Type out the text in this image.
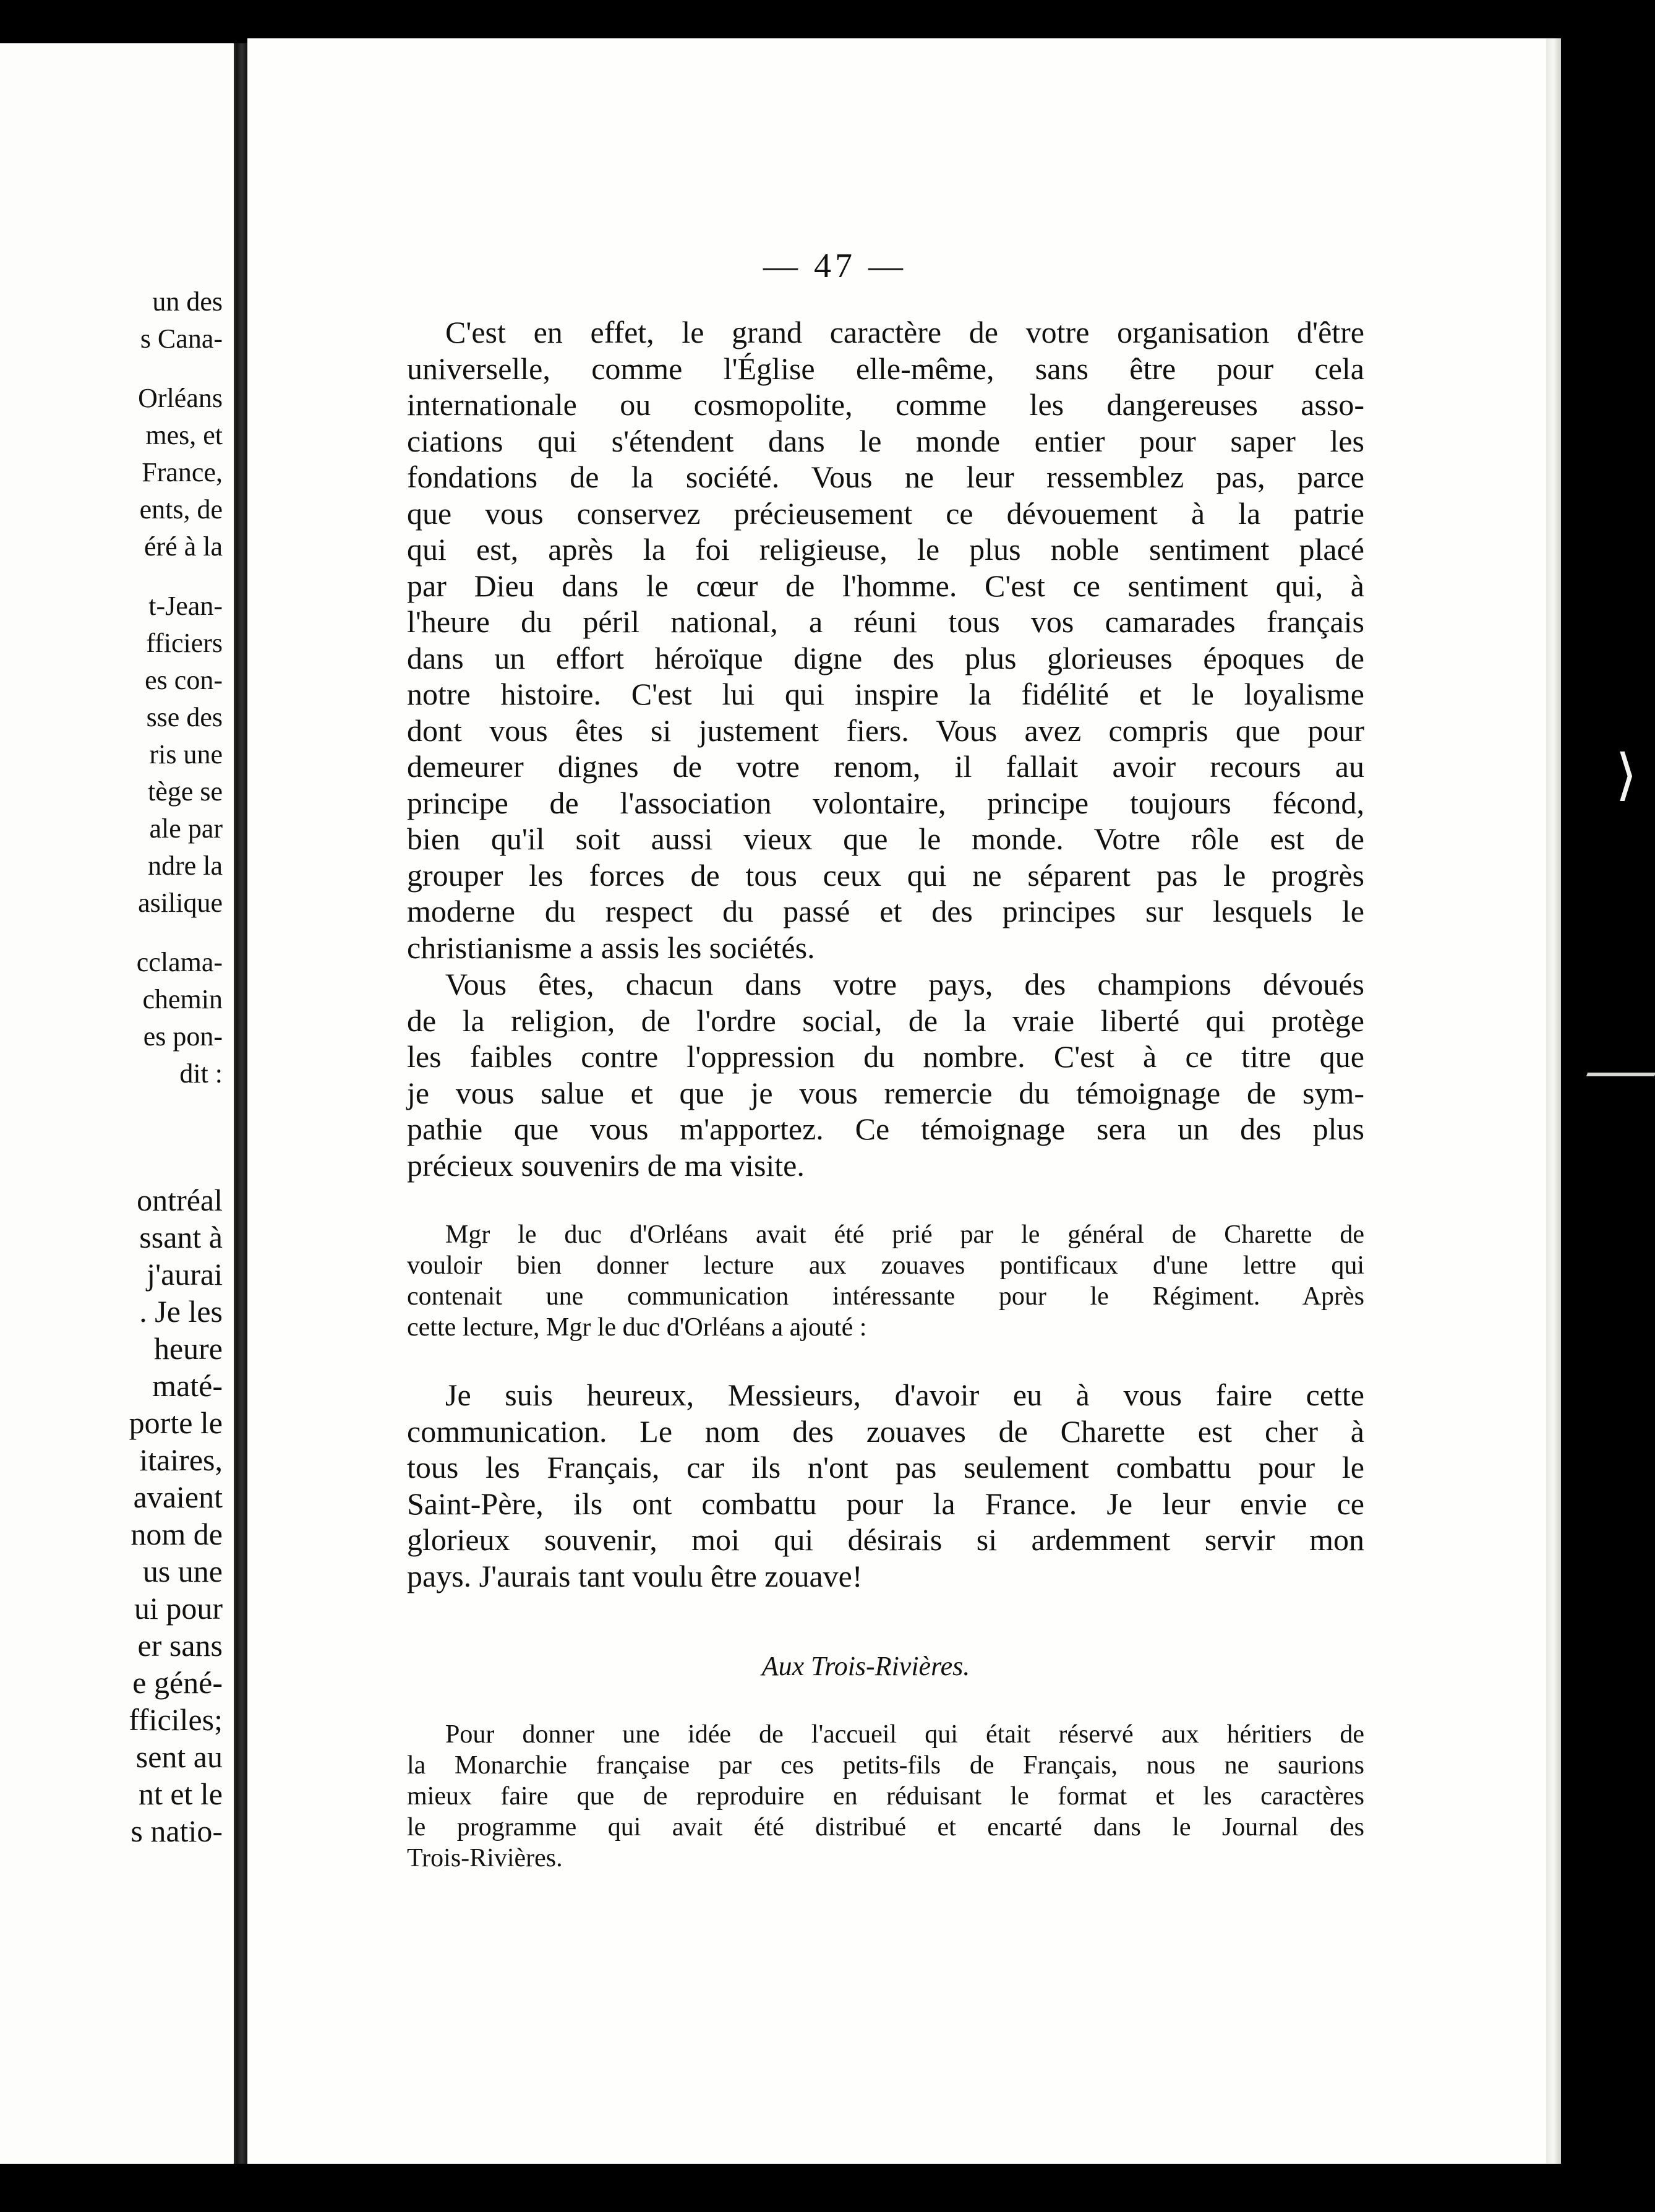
un des
s Cana-
Orléans
mes, et
France,
ents, de
éré à la
t-Jean-
fficiers
es con-
sse des
ris une
tège se
ale par
ndre la
asilique
cclama-
chemin
es pon-
dit :
ontréal
ssant à
j'aurai
. Je les
heure
maté-
porte le
itaires,
avaient
nom de
us une
ui pour
er sans
e géné-
fficiles;
sent au
nt et le
s natio-
— 47 —
C'est en effet, le grand caractère de votre organisation d'être
universelle, comme l'Église elle-même, sans être pour cela
internationale ou cosmopolite, comme les dangereuses asso-
ciations qui s'étendent dans le monde entier pour saper les
fondations de la société. Vous ne leur ressemblez pas, parce
que vous conservez précieusement ce dévouement à la patrie
qui est, après la foi religieuse, le plus noble sentiment placé
par Dieu dans le cœur de l'homme. C'est ce sentiment qui, à
l'heure du péril national, a réuni tous vos camarades français
dans un effort héroïque digne des plus glorieuses époques de
notre histoire. C'est lui qui inspire la fidélité et le loyalisme
dont vous êtes si justement fiers. Vous avez compris que pour
demeurer dignes de votre renom, il fallait avoir recours au
principe de l'association volontaire, principe toujours fécond,
bien qu'il soit aussi vieux que le monde. Votre rôle est de
grouper les forces de tous ceux qui ne séparent pas le progrès
moderne du respect du passé et des principes sur lesquels le
christianisme a assis les sociétés.
Vous êtes, chacun dans votre pays, des champions dévoués
de la religion, de l'ordre social, de la vraie liberté qui protège
les faibles contre l'oppression du nombre. C'est à ce titre que
je vous salue et que je vous remercie du témoignage de sym-
pathie que vous m'apportez. Ce témoignage sera un des plus
précieux souvenirs de ma visite.
Mgr le duc d'Orléans avait été prié par le général de Charette de
vouloir bien donner lecture aux zouaves pontificaux d'une lettre qui
contenait une communication intéressante pour le Régiment. Après
cette lecture, Mgr le duc d'Orléans a ajouté :
Je suis heureux, Messieurs, d'avoir eu à vous faire cette
communication. Le nom des zouaves de Charette est cher à
tous les Français, car ils n'ont pas seulement combattu pour le
Saint-Père, ils ont combattu pour la France. Je leur envie ce
glorieux souvenir, moi qui désirais si ardemment servir mon
pays. J'aurais tant voulu être zouave!
Pour donner une idée de l'accueil qui était réservé aux héritiers de
la Monarchie française par ces petits-fils de Français, nous ne saurions
mieux faire que de reproduire en réduisant le format et les caractères
le programme qui avait été distribué et encarté dans le Journal des
Trois-Rivières.
Aux Trois-Rivières.
⟩
